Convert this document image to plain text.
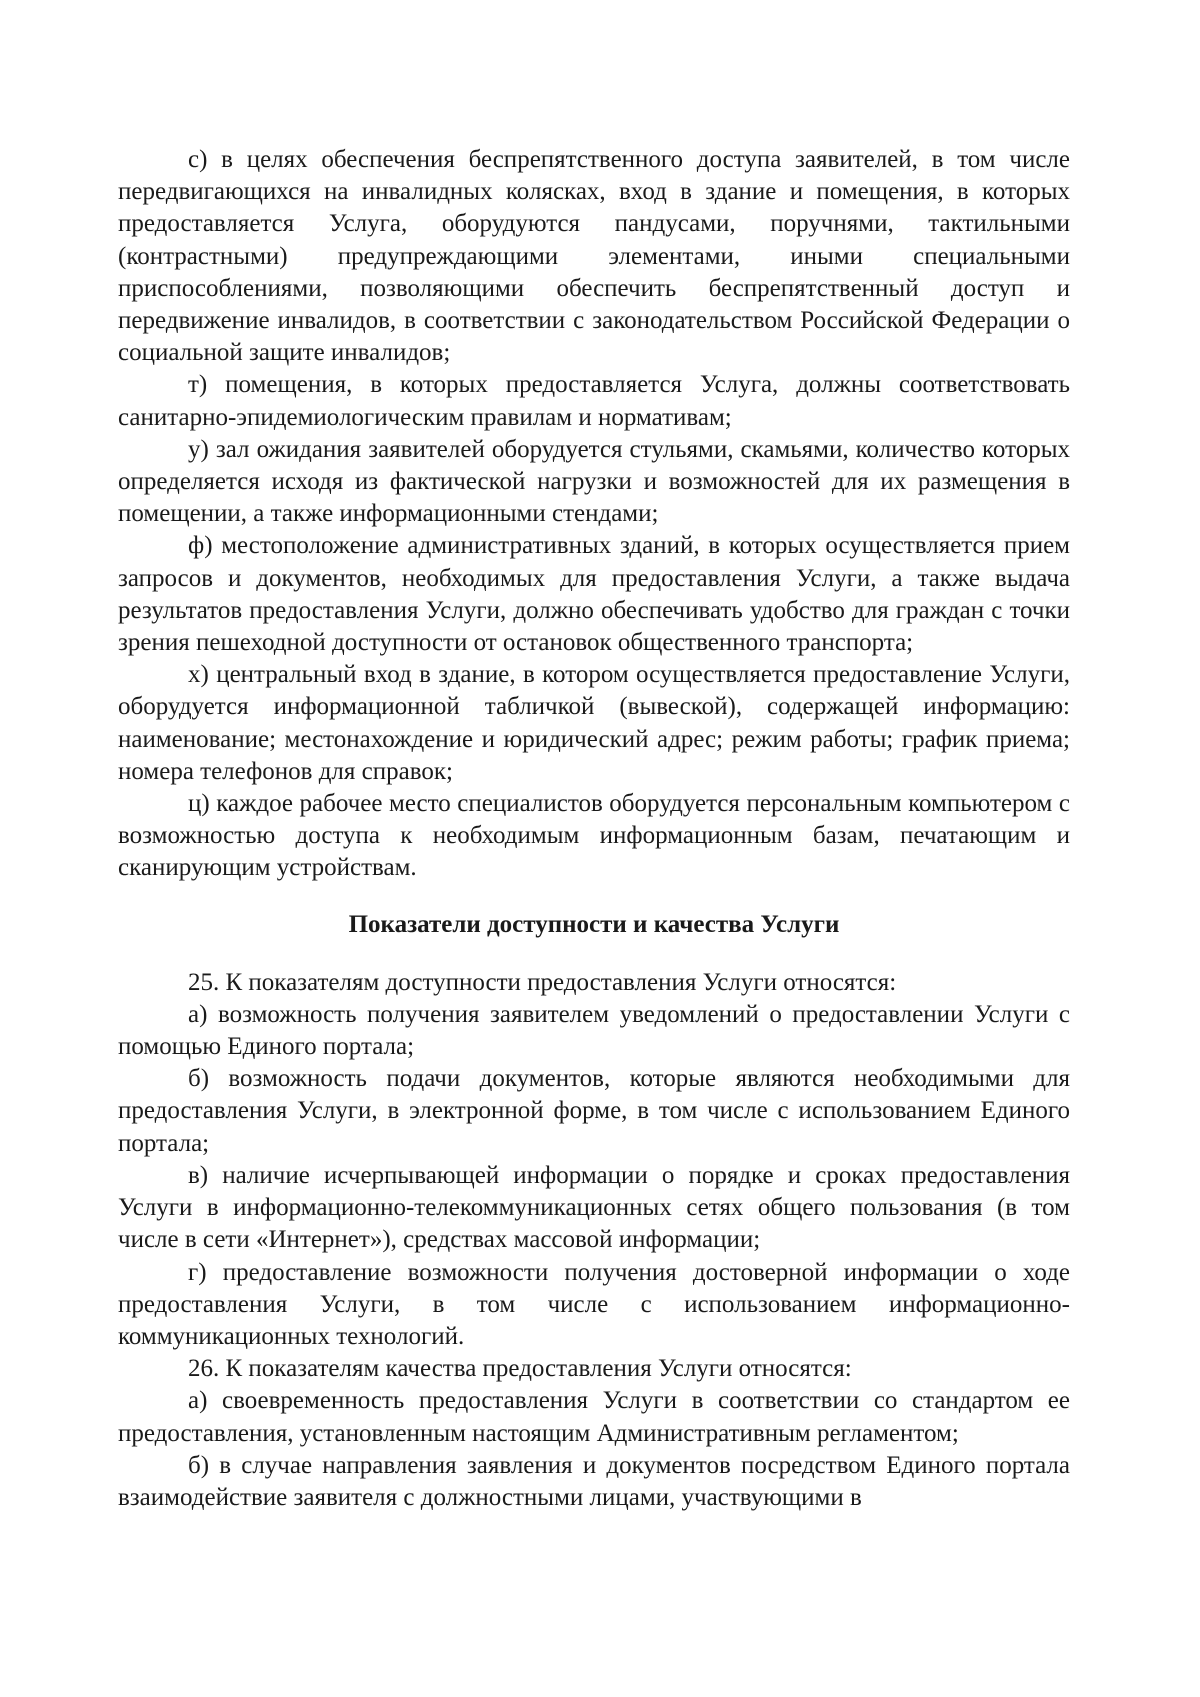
с) в целях обеспечения беспрепятственного доступа заявителей, в том числе передвигающихся на инвалидных колясках, вход в здание и помещения, в которых предоставляется Услуга, оборудуются пандусами, поручнями, тактильными (контрастными) предупреждающими элементами, иными специальными приспособлениями, позволяющими обеспечить беспрепятственный доступ и передвижение инвалидов, в соответствии с законодательством Российской Федерации о социальной защите инвалидов;

т) помещения, в которых предоставляется Услуга, должны соответствовать санитарно-эпидемиологическим правилам и нормативам;

у) зал ожидания заявителей оборудуется стульями, скамьями, количество которых определяется исходя из фактической нагрузки и возможностей для их размещения в помещении, а также информационными стендами;

ф) местоположение административных зданий, в которых осуществляется прием запросов и документов, необходимых для предоставления Услуги, а также выдача результатов предоставления Услуги, должно обеспечивать удобство для граждан с точки зрения пешеходной доступности от остановок общественного транспорта;

х) центральный вход в здание, в котором осуществляется предоставление Услуги, оборудуется информационной табличкой (вывеской), содержащей информацию: наименование; местонахождение и юридический адрес; режим работы; график приема; номера телефонов для справок;

ц) каждое рабочее место специалистов оборудуется персональным компьютером с возможностью доступа к необходимым информационным базам, печатающим и сканирующим устройствам.

Показатели доступности и качества Услуги

25. К показателям доступности предоставления Услуги относятся:

а) возможность получения заявителем уведомлений о предоставлении Услуги с помощью Единого портала;

б) возможность подачи документов, которые являются необходимыми для предоставления Услуги, в электронной форме, в том числе с использованием Единого портала;

в) наличие исчерпывающей информации о порядке и сроках предоставления Услуги в информационно-телекоммуникационных сетях общего пользования (в том числе в сети «Интернет»), средствах массовой информации;

г) предоставление возможности получения достоверной информации о ходе предоставления Услуги, в том числе с использованием информационно-коммуникационных технологий.

26. К показателям качества предоставления Услуги относятся:

а) своевременность предоставления Услуги в соответствии со стандартом ее предоставления, установленным настоящим Административным регламентом;

б) в случае направления заявления и документов посредством Единого портала взаимодействие заявителя с должностными лицами, участвующими в
